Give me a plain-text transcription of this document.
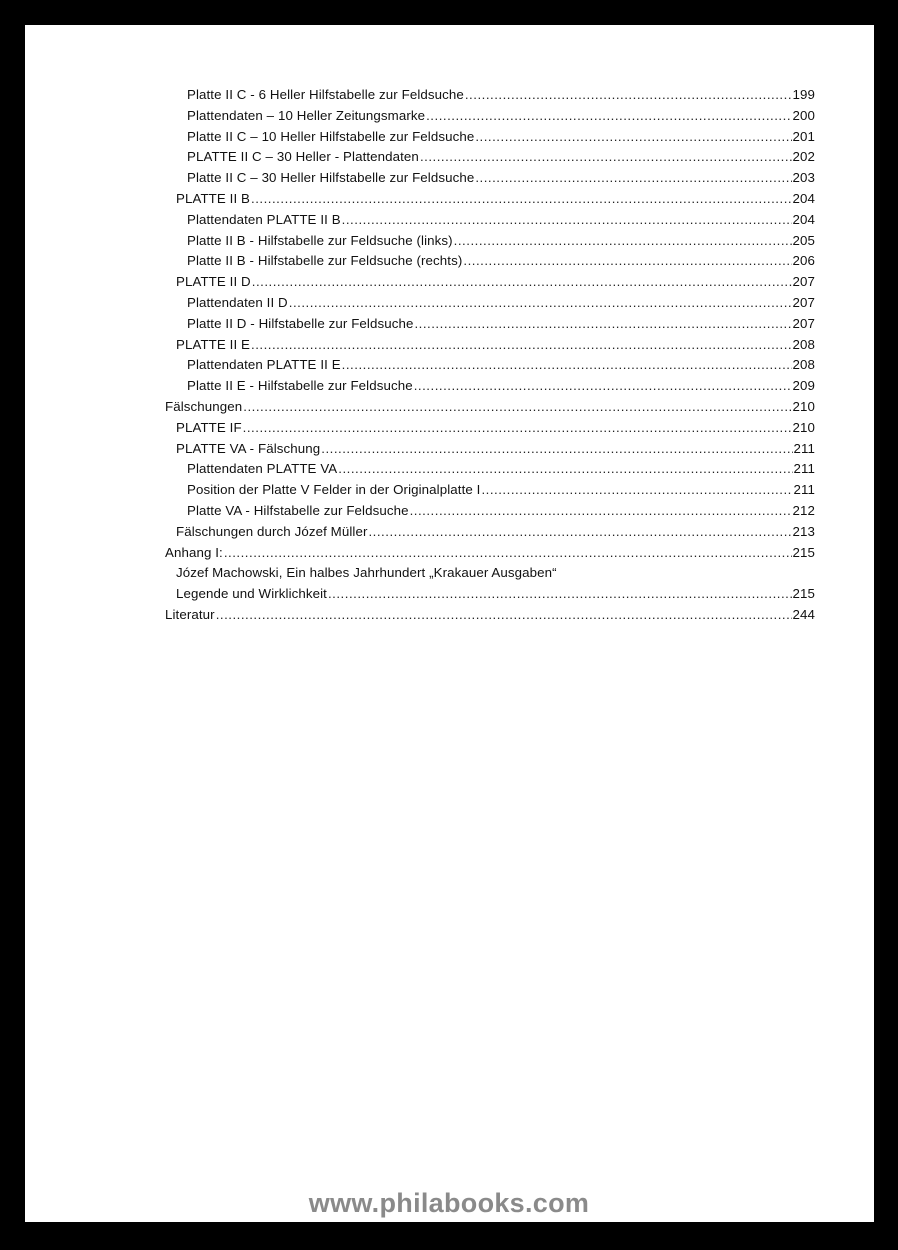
Platte II C - 6 Heller Hilfstabelle zur Feldsuche .....	199
Plattendaten – 10 Heller Zeitungsmarke .....	200
Platte II C – 10 Heller Hilfstabelle zur Feldsuche .....	201
PLATTE II C – 30 Heller - Plattendaten .....	202
Platte II C – 30 Heller Hilfstabelle zur Feldsuche .....	203
PLATTE II B .....	204
Plattendaten PLATTE II B .....	204
Platte II B - Hilfstabelle zur Feldsuche (links) .....	205
Platte II B - Hilfstabelle zur Feldsuche (rechts) .....	206
PLATTE II D .....	207
Plattendaten II D .....	207
Platte II D - Hilfstabelle zur Feldsuche .....	207
PLATTE II E .....	208
Plattendaten PLATTE II E .....	208
Platte II E - Hilfstabelle zur Feldsuche .....	209
Fälschungen .....	210
PLATTE IF .....	210
PLATTE VA - Fälschung .....	211
Plattendaten PLATTE VA .....	211
Position der Platte V Felder in der Originalplatte I .....	211
Platte VA - Hilfstabelle zur Feldsuche .....	212
Fälschungen durch Józef Müller .....	213
Anhang I: .....	215
Józef Machowski, Ein halbes Jahrhundert „Krakauer Ausgaben“
Legende und Wirklichkeit .....	215
Literatur .....	244
www.philabooks.com
